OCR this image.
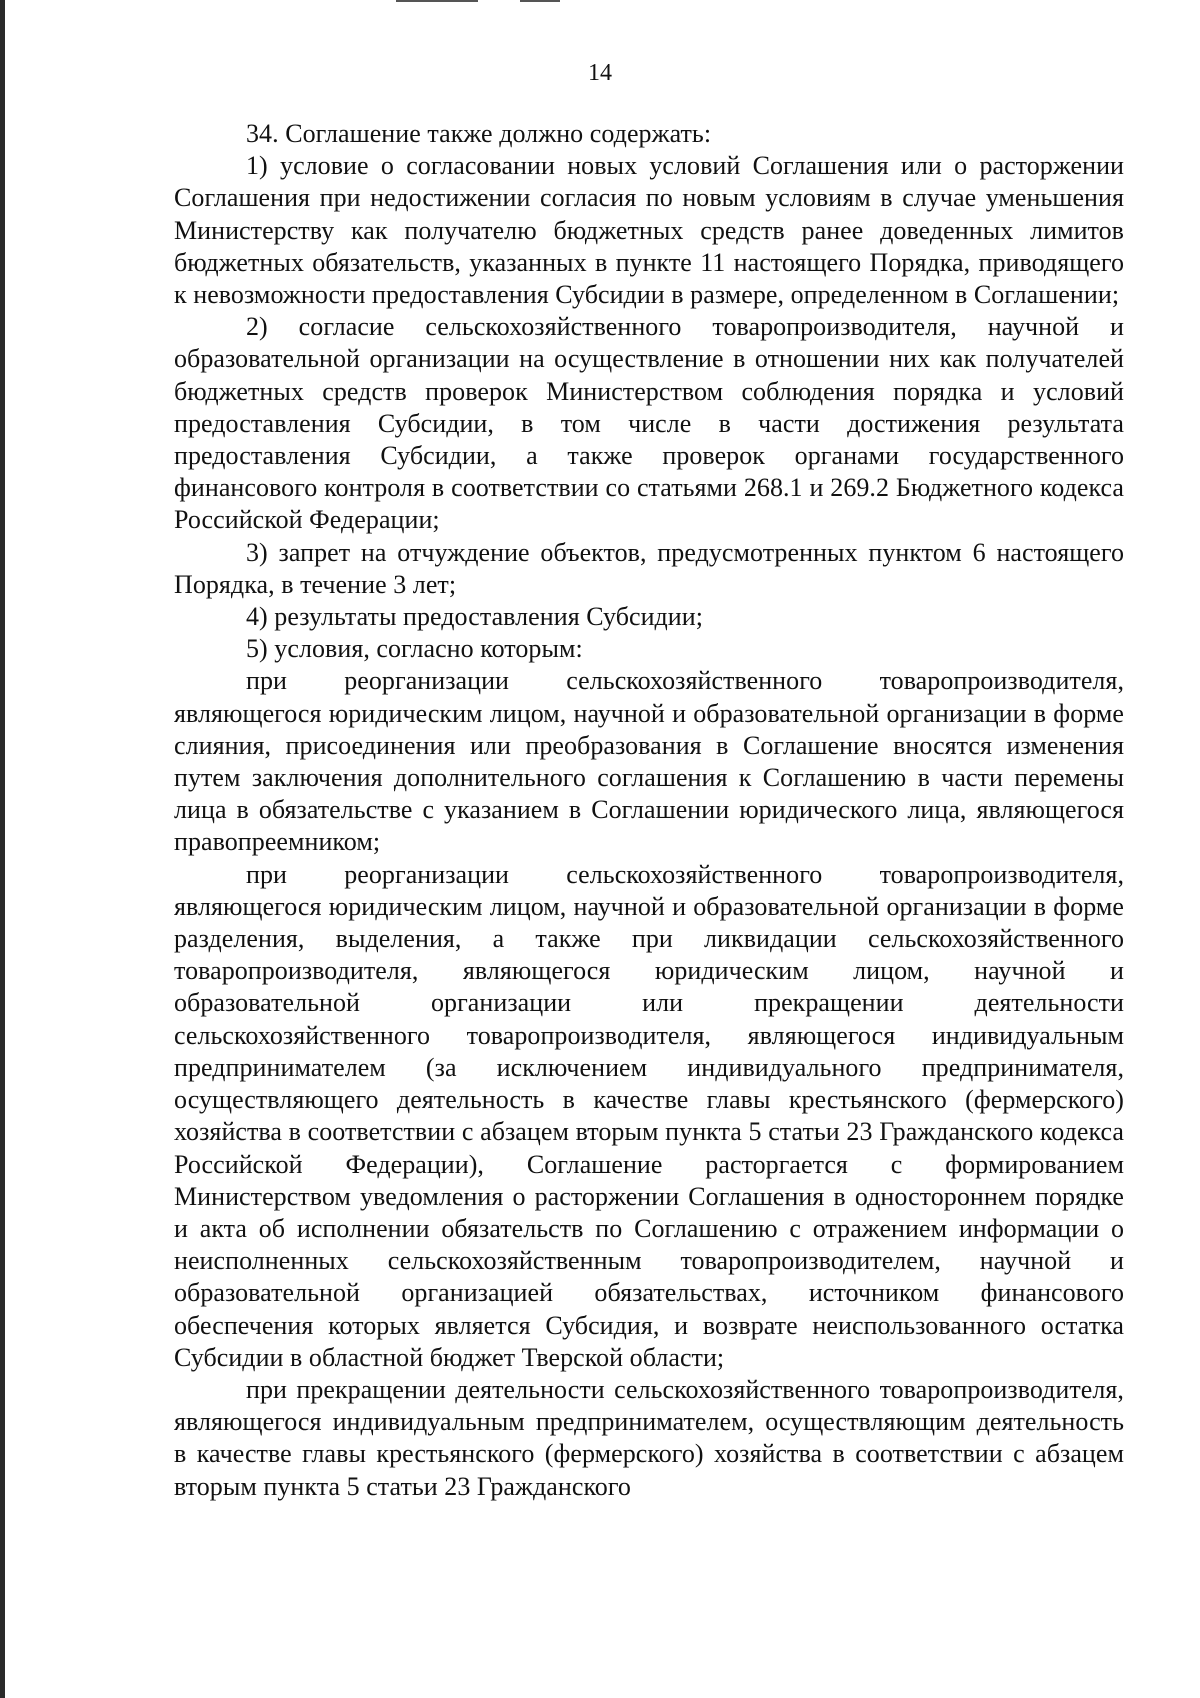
14

34. Соглашение также должно содержать:

1) условие о согласовании новых условий Соглашения или о расторжении Соглашения при недостижении согласия по новым условиям в случае уменьшения Министерству как получателю бюджетных средств ранее доведенных лимитов бюджетных обязательств, указанных в пункте 11 настоящего Порядка, приводящего к невозможности предоставления Субсидии в размере, определенном в Соглашении;

2) согласие сельскохозяйственного товаропроизводителя, научной и образовательной организации на осуществление в отношении них как получателей бюджетных средств проверок Министерством соблюдения порядка и условий предоставления Субсидии, в том числе в части достижения результата предоставления Субсидии, а также проверок органами государственного финансового контроля в соответствии со статьями 268.1 и 269.2 Бюджетного кодекса Российской Федерации;

3) запрет на отчуждение объектов, предусмотренных пунктом 6 настоящего Порядка, в течение 3 лет;

4) результаты предоставления Субсидии;

5) условия, согласно которым:

при реорганизации сельскохозяйственного товаропроизводителя, являющегося юридическим лицом, научной и образовательной организации в форме слияния, присоединения или преобразования в Соглашение вносятся изменения путем заключения дополнительного соглашения к Соглашению в части перемены лица в обязательстве с указанием в Соглашении юридического лица, являющегося правопреемником;

при реорганизации сельскохозяйственного товаропроизводителя, являющегося юридическим лицом, научной и образовательной организации в форме разделения, выделения, а также при ликвидации сельскохозяйственного товаропроизводителя, являющегося юридическим лицом, научной и образовательной организации или прекращении деятельности сельскохозяйственного товаропроизводителя, являющегося индивидуальным предпринимателем (за исключением индивидуального предпринимателя, осуществляющего деятельность в качестве главы крестьянского (фермерского) хозяйства в соответствии с абзацем вторым пункта 5 статьи 23 Гражданского кодекса Российской Федерации), Соглашение расторгается с формированием Министерством уведомления о расторжении Соглашения в одностороннем порядке и акта об исполнении обязательств по Соглашению с отражением информации о неисполненных сельскохозяйственным товаропроизводителем, научной и образовательной организацией обязательствах, источником финансового обеспечения которых является Субсидия, и возврате неиспользованного остатка Субсидии в областной бюджет Тверской области;

при прекращении деятельности сельскохозяйственного товаропроизводителя, являющегося индивидуальным предпринимателем, осуществляющим деятельность в качестве главы крестьянского (фермерского) хозяйства в соответствии с абзацем вторым пункта 5 статьи 23 Гражданского
